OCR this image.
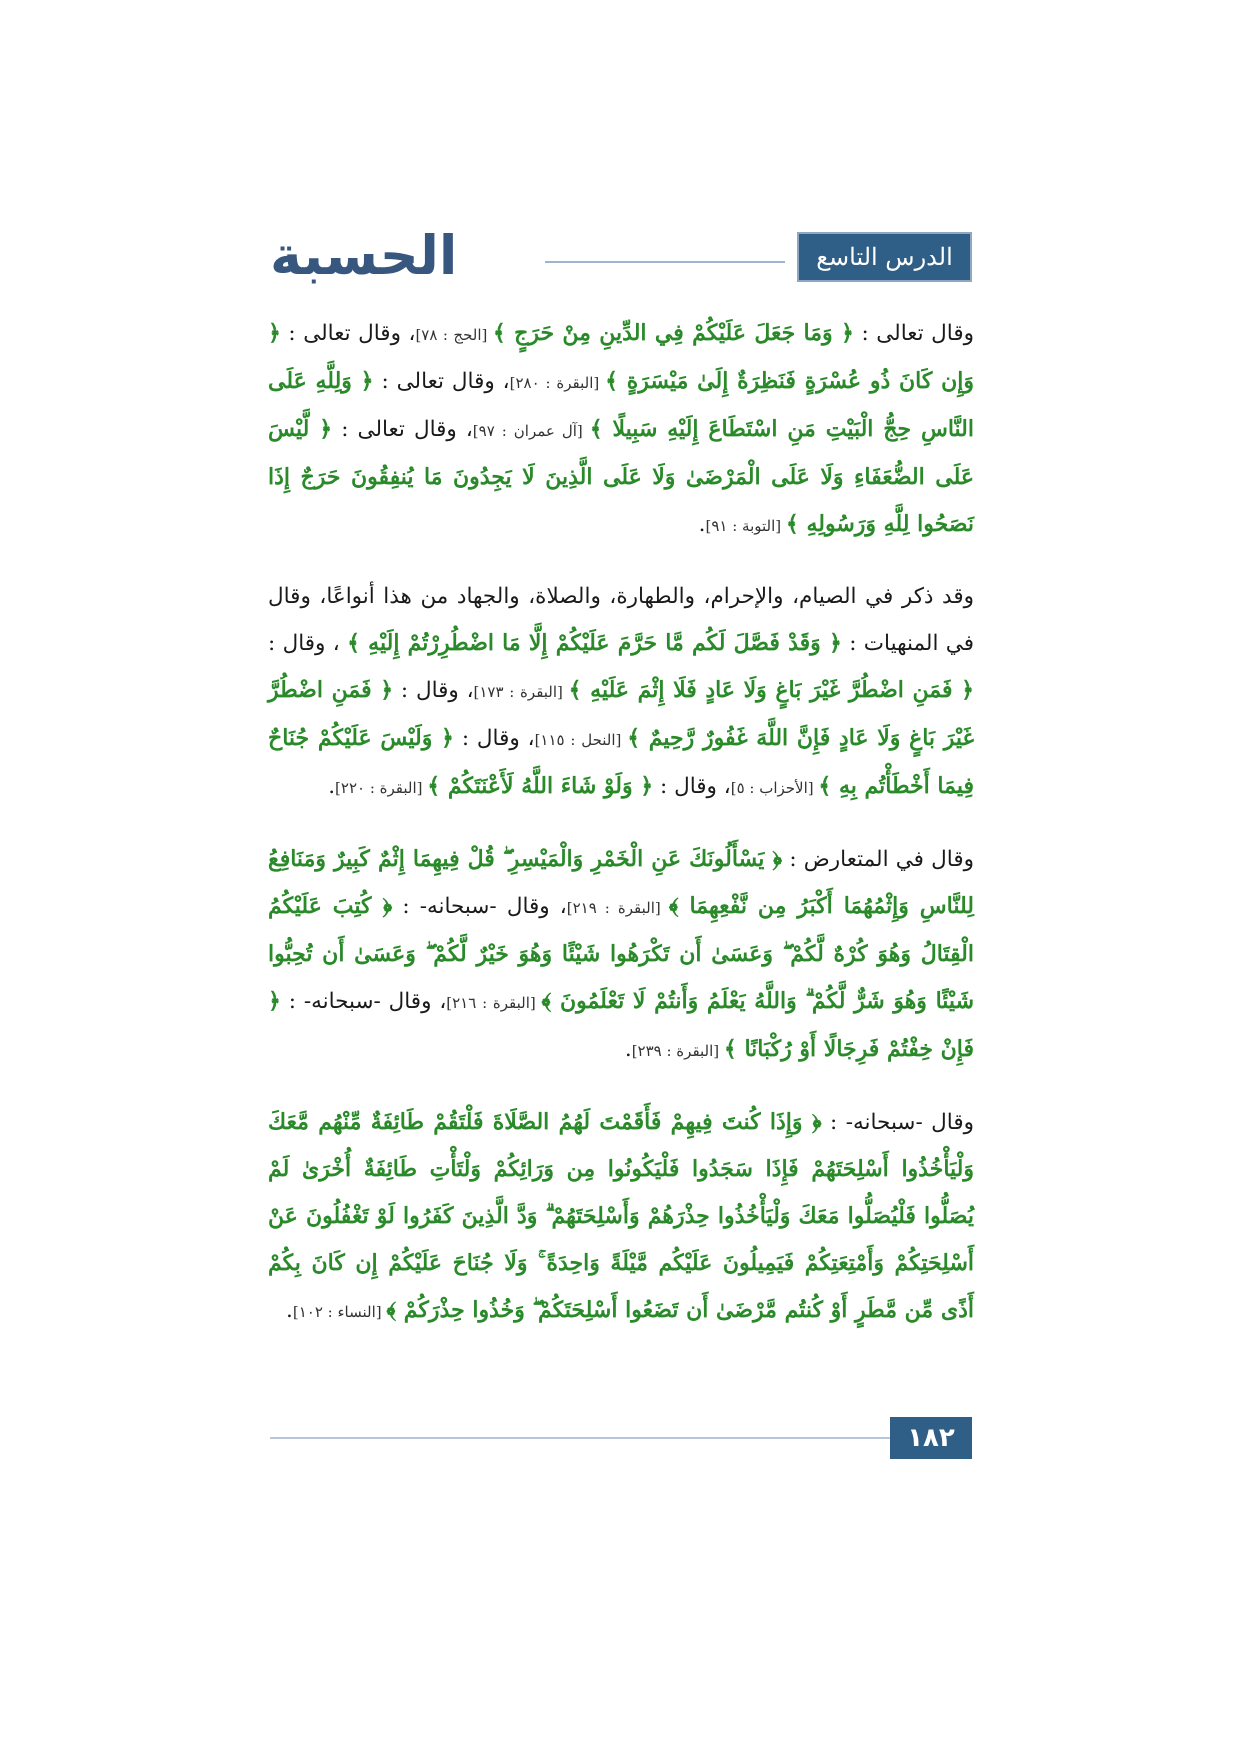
الحسبة	الدرس التاسع

وقال تعالى : ﴿ وَمَا جَعَلَ عَلَيْكُمْ فِي الدِّينِ مِنْ حَرَجٍ ﴾ [الحج : ٧٨]، وقال تعالى : ﴿ وَإِن كَانَ ذُو عُسْرَةٍ فَنَظِرَةٌ إِلَىٰ مَيْسَرَةٍ ﴾ [البقرة : ٢٨٠]، وقال تعالى : ﴿ وَلِلَّهِ عَلَى النَّاسِ حِجُّ الْبَيْتِ مَنِ اسْتَطَاعَ إِلَيْهِ سَبِيلًا ﴾ [آل عمران : ٩٧]، وقال تعالى : ﴿ لَّيْسَ عَلَى الضُّعَفَاءِ وَلَا عَلَى الْمَرْضَىٰ وَلَا عَلَى الَّذِينَ لَا يَجِدُونَ مَا يُنفِقُونَ حَرَجٌ إِذَا نَصَحُوا لِلَّهِ وَرَسُولِهِ ﴾ [التوبة : ٩١].

وقد ذكر في الصيام، والإحرام، والطهارة، والصلاة، والجهاد من هذا أنواعًا، وقال في المنهيات : ﴿ وَقَدْ فَصَّلَ لَكُم مَّا حَرَّمَ عَلَيْكُمْ إِلَّا مَا اضْطُرِرْتُمْ إِلَيْهِ ﴾ ، وقال : ﴿ فَمَنِ اضْطُرَّ غَيْرَ بَاغٍ وَلَا عَادٍ فَلَا إِثْمَ عَلَيْهِ ﴾ [البقرة : ١٧٣]، وقال : ﴿ فَمَنِ اضْطُرَّ غَيْرَ بَاغٍ وَلَا عَادٍ فَإِنَّ اللَّهَ غَفُورٌ رَّحِيمٌ ﴾ [النحل : ١١٥]، وقال : ﴿ وَلَيْسَ عَلَيْكُمْ جُنَاحٌ فِيمَا أَخْطَأْتُم بِهِ ﴾ [الأحزاب : ٥]، وقال : ﴿ وَلَوْ شَاءَ اللَّهُ لَأَعْنَتَكُمْ ﴾ [البقرة : ٢٢٠].

وقال في المتعارض : ﴿ يَسْأَلُونَكَ عَنِ الْخَمْرِ وَالْمَيْسِرِ ۖ قُلْ فِيهِمَا إِثْمٌ كَبِيرٌ وَمَنَافِعُ لِلنَّاسِ وَإِثْمُهُمَا أَكْبَرُ مِن نَّفْعِهِمَا ﴾ [البقرة : ٢١٩]، وقال -سبحانه- : ﴿ كُتِبَ عَلَيْكُمُ الْقِتَالُ وَهُوَ كُرْهٌ لَّكُمْ ۖ وَعَسَىٰ أَن تَكْرَهُوا شَيْئًا وَهُوَ خَيْرٌ لَّكُمْ ۖ وَعَسَىٰ أَن تُحِبُّوا شَيْئًا وَهُوَ شَرٌّ لَّكُمْ ۗ وَاللَّهُ يَعْلَمُ وَأَنتُمْ لَا تَعْلَمُونَ ﴾ [البقرة : ٢١٦]، وقال -سبحانه- : ﴿ فَإِنْ خِفْتُمْ فَرِجَالًا أَوْ رُكْبَانًا ﴾ [البقرة : ٢٣٩].

وقال -سبحانه- : ﴿ وَإِذَا كُنتَ فِيهِمْ فَأَقَمْتَ لَهُمُ الصَّلَاةَ فَلْتَقُمْ طَائِفَةٌ مِّنْهُم مَّعَكَ وَلْيَأْخُذُوا أَسْلِحَتَهُمْ فَإِذَا سَجَدُوا فَلْيَكُونُوا مِن وَرَائِكُمْ وَلْتَأْتِ طَائِفَةٌ أُخْرَىٰ لَمْ يُصَلُّوا فَلْيُصَلُّوا مَعَكَ وَلْيَأْخُذُوا حِذْرَهُمْ وَأَسْلِحَتَهُمْ ۗ وَدَّ الَّذِينَ كَفَرُوا لَوْ تَغْفُلُونَ عَنْ أَسْلِحَتِكُمْ وَأَمْتِعَتِكُمْ فَيَمِيلُونَ عَلَيْكُم مَّيْلَةً وَاحِدَةً ۚ وَلَا جُنَاحَ عَلَيْكُمْ إِن كَانَ بِكُمْ أَذًى مِّن مَّطَرٍ أَوْ كُنتُم مَّرْضَىٰ أَن تَضَعُوا أَسْلِحَتَكُمْ ۖ وَخُذُوا حِذْرَكُمْ ﴾ [النساء : ١٠٢].

١٨٢
